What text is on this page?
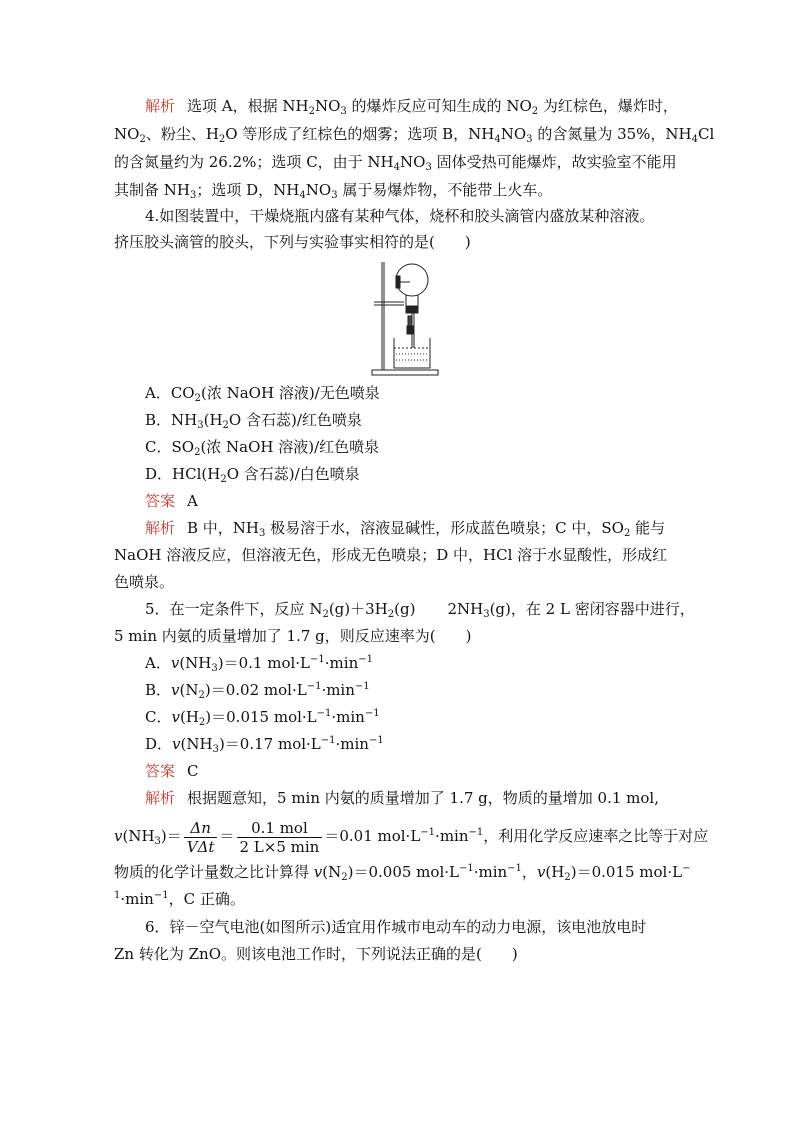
解析 选项 A，根据 $NH_2NO_3$ 的爆炸反应可知生成的 $NO_2$ 为红棕色，爆炸时，
$NO_2$、粉尘、$H_2O$ 等形成了红棕色的烟雾；选项 B，$NH_4NO_3$ 的含氮量为 35%，$NH_4Cl$
的含氮量约为 26.2%；选项 C，由于 $NH_4NO_3$ 固体受热可能爆炸，故实验室不能用
其制备 $NH_3$；选项 D，$NH_4NO_3$ 属于易爆炸物，不能带上火车。
4.如图装置中，干燥烧瓶内盛有某种气体，烧杯和胶头滴管内盛放某种溶液。
挤压胶头滴管的胶头，下列与实验事实相符的是(　　)
A．$CO_2$(浓 NaOH 溶液)/无色喷泉
B．$NH_3(H_2O$ 含石蕊)/红色喷泉
C．$SO_2$(浓 NaOH 溶液)/红色喷泉
D．$HCl(H_2O$ 含石蕊)/白色喷泉
答案 A
解析 B 中，$NH_3$ 极易溶于水，溶液显碱性，形成蓝色喷泉；C 中，$SO_2$ 能与
NaOH 溶液反应，但溶液无色，形成无色喷泉；D 中，HCl 溶于水显酸性，形成红
色喷泉。
5．在一定条件下，反应 $N_2(g)+3H_2(g)$ $2NH_3(g)$，在 2 L 密闭容器中进行，
5 min 内氨的质量增加了 1.7 g，则反应速率为(　　)
A．$v(NH_3)=0.1$ $mol\cdot L^{-1}\cdot\min^{-1}$
B．$v(N_2)=0.02$ $mol\cdot L^{-1}\cdot\min^{-1}$
C．$v(H_2)=0.015$ $mol\cdot L^{-1}\cdot\min^{-1}$
D．$v(NH_3)=0.17$ $mol\cdot L^{-1}\cdot\min^{-1}$
答案 C
解析 根据题意知，5 min 内氨的质量增加了 1.7 g，物质的量增加 0.1 mol,
$v(NH_3)= \frac{\Delta n}{\text{VΔt}} = \frac{\text{0.1 mol}}{2 L\times 5 \min} =0.01$ $mol\cdot L^{-1}\cdot\min^{-1}$，利用化学反应速率之比等于对应
物质的化学计量数之比计算得 $v(N_2)=0.005$ $mol\cdot L^{-1}\cdot\min^{-1}$，$v(H_2)=0.015$ mol·L−
$^1\cdot\min^{-1}$，C 正确。
6．锌－空气电池(如图所示)适宜用作城市电动车的动力电源，该电池放电时
Zn 转化为 ZnO。则该电池工作时，下列说法正确的是(　　)
